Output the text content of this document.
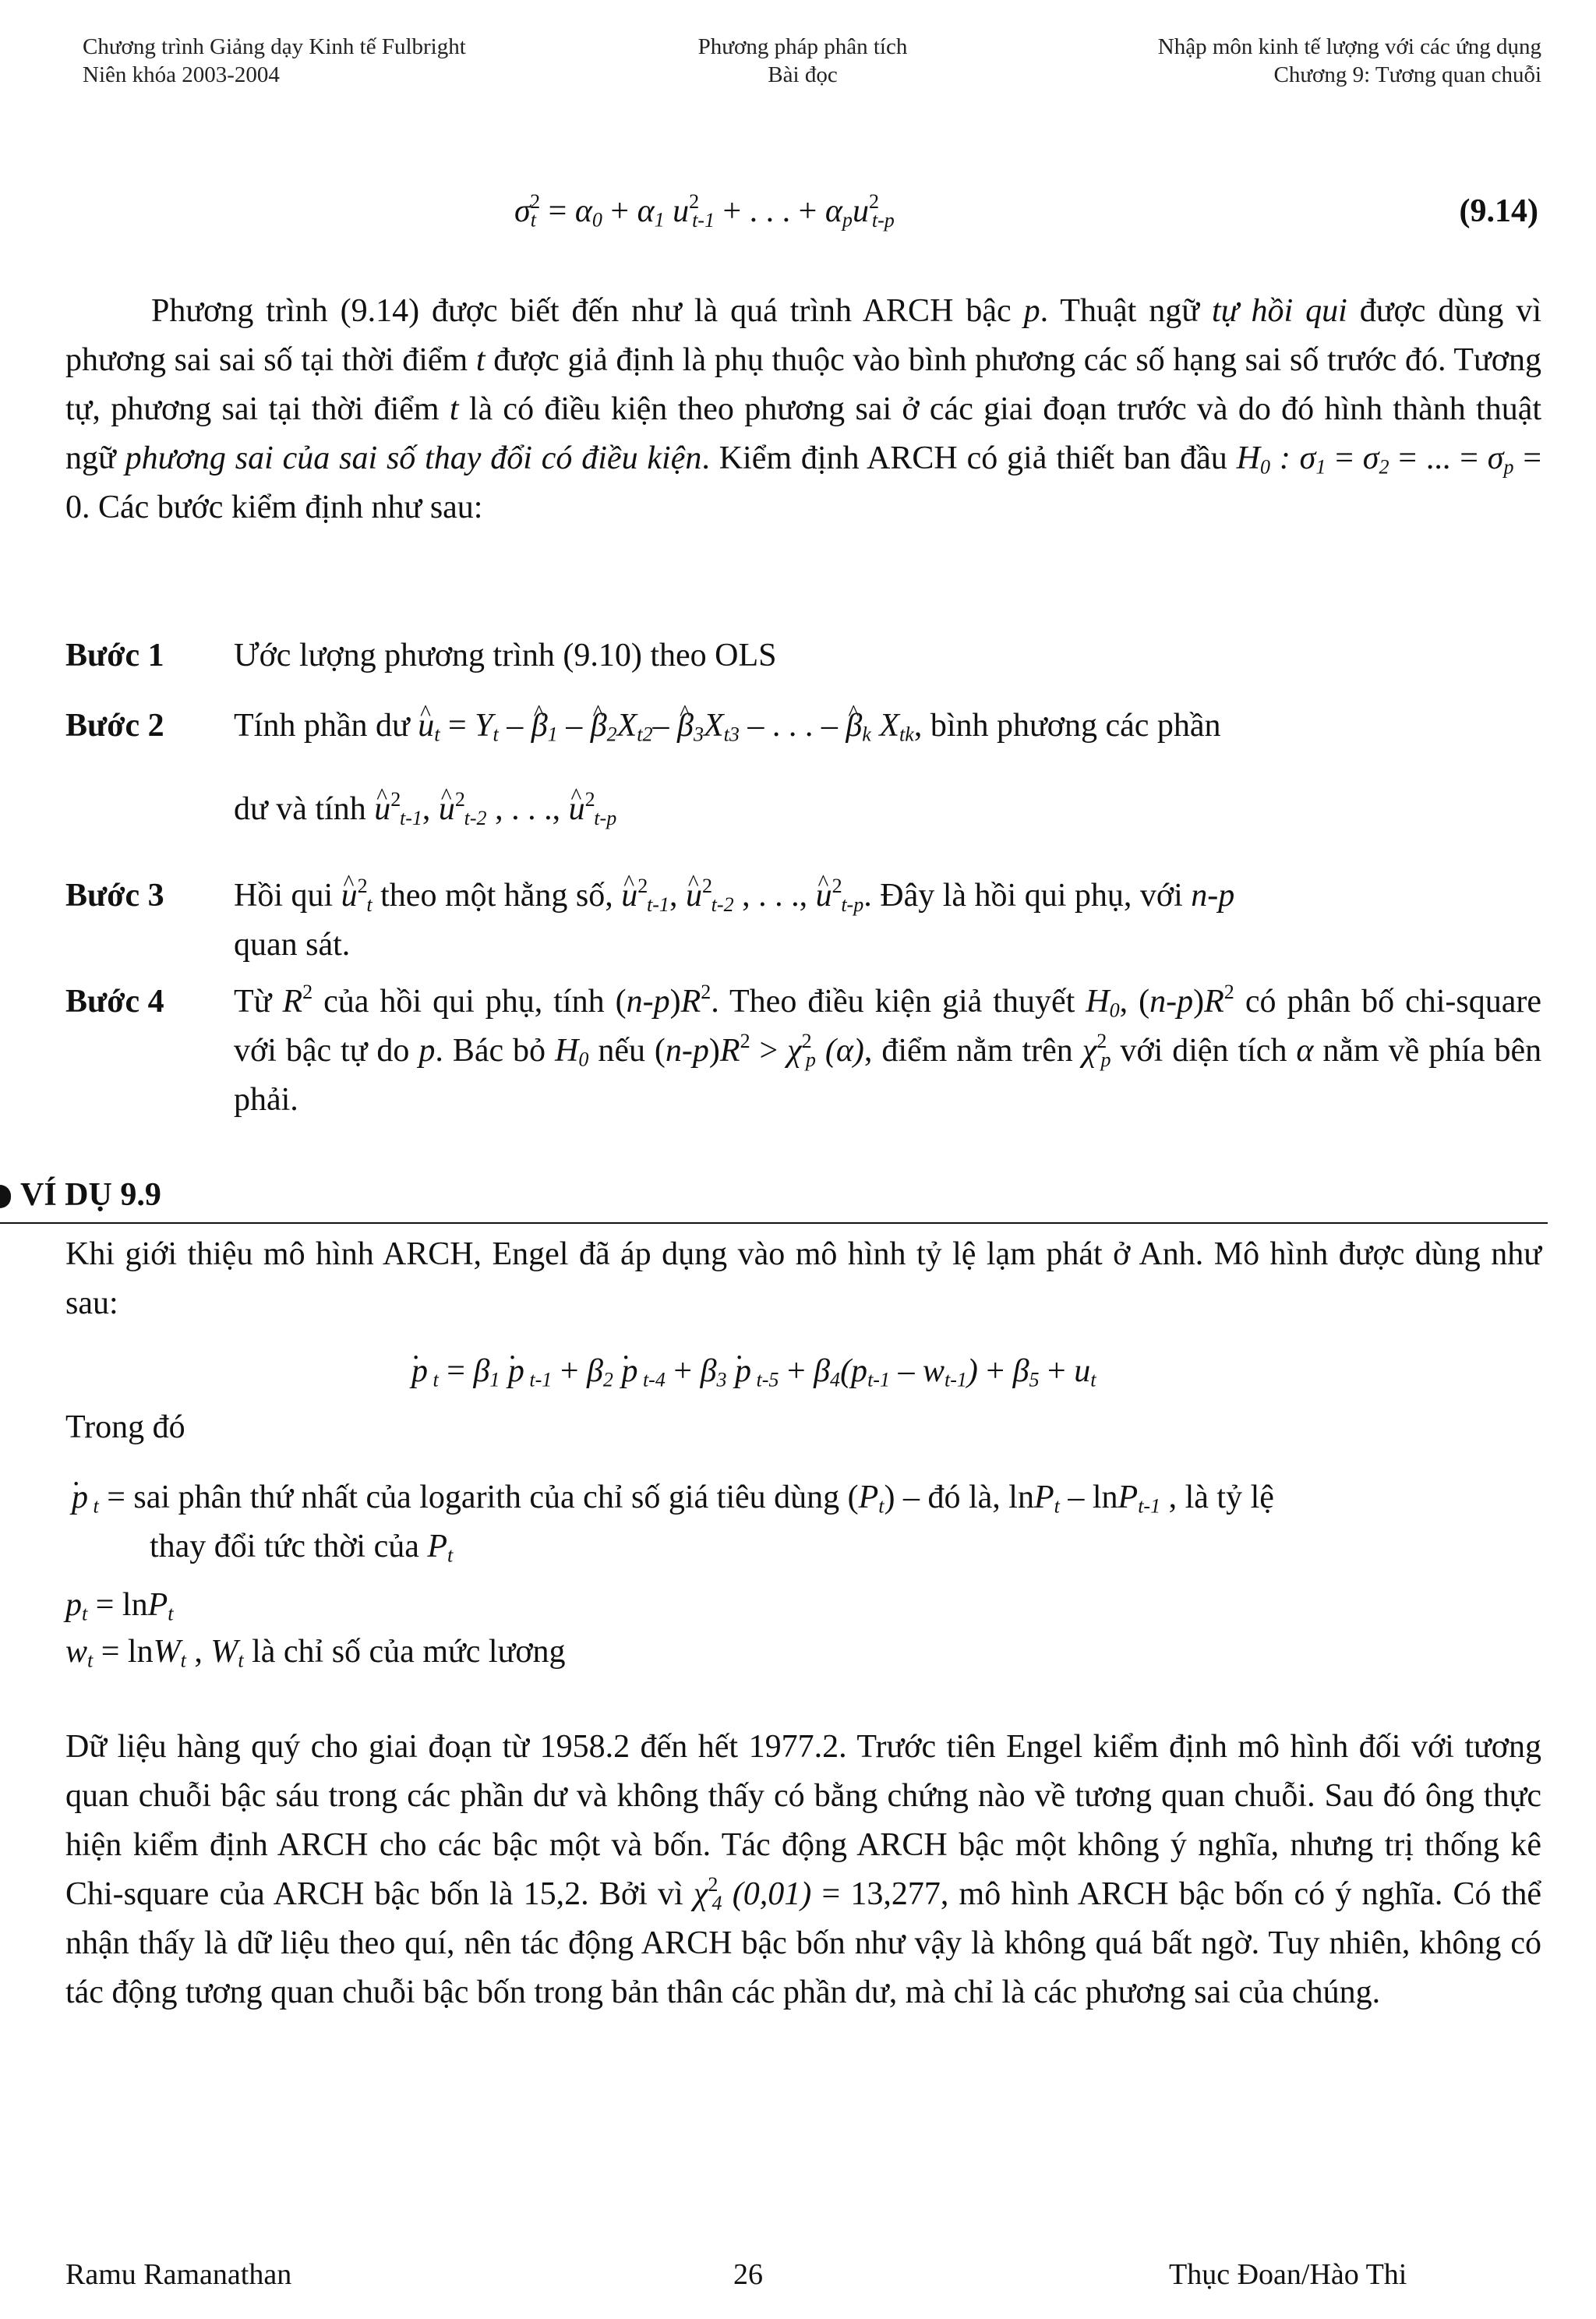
Chương trình Giảng dạy Kinh tế Fulbright
Niên khóa 2003-2004
Phương pháp phân tích
Bài đọc
Nhập môn kinh tế lượng với các ứng dụng
Chương 9: Tương quan chuỗi
$\sigma_t^2 = \alpha_0 + \alpha_1$ $u^2_{t-1}$ + . . . + $\alpha_pu^2_{t-p}$	(9.14)
Phương trình (9.14) được biết đến như là quá trình ARCH bậc p. Thuật ngữ tự hồi qui được dùng vì phương sai sai số tại thời điểm t được giả định là phụ thuộc vào bình phương các số hạng sai số trước đó. Tương tự, phương sai tại thời điểm t là có điều kiện theo phương sai ở các giai đoạn trước và do đó hình thành thuật ngữ phương sai của sai số thay đổi có điều kiện. Kiểm định ARCH có giả thiết ban đầu $H_0$ : $\sigma_1 = \sigma_2$ = ... = $\sigma_p = 0$. Các bước kiểm định như sau:
Bước 1 Ước lượng phương trình (9.10) theo OLS
Bước 2 Tính phần dư ^ $u_t = Y_t$ – ^ $\beta_1$ – ^ $\beta_2X_{t2}-$ ^ $\beta_3X_{t3}$ – . . . – ^ $\beta_k$ $X_{tk}$, bình phương các phần
dư và tính ^ $u^2$ $_{t-1}$, ^ $u^2$ $_{t-2}$ , . . ., ^ $u^2$ $_{t-p}$
Bước 3 Hồi qui ^ $u^2$ $_t$ theo một hằng số, ^ $u^2$ $_{t-1}$, ^ $u^2$ $_{t-2}$ , . . ., ^ $u^2$ $_{t-p}$. Đây là hồi qui phụ, với n-p
quan sát.
Bước 4 Từ $R^2$ của hồi qui phụ, tính $(n-p)R^2$. Theo điều kiện giả thuyết $H_0$, $(n-p)R^2$ có phân bố chi-square với bậc tự do p. Bác bỏ $H_0$ nếu $(n-p)R^2 > \chi^2_p$ (α), điểm nằm trên $\chi^2_p$ với diện tích α nằm về phía bên phải.
VÍ DỤ 9.9
Khi giới thiệu mô hình ARCH, Engel đã áp dụng vào mô hình tỷ lệ lạm phát ở Anh. Mô hình được dùng như sau:
. p $_t = \beta_1$ . p $_{t-1} + \beta_2$ . p $_{t-4} + \beta_3$ . p $_{t-5} + \beta_4(p_{t-1} - w_{t-1}) + \beta_5 + u_t$
Trong đó
. p $_t$ = sai phân thứ nhất của logarith của chỉ số giá tiêu dùng $(P_t)$ – đó là, lnP$_t$ – lnP$_{t-1}$ , là tỷ lệ
thay đổi tức thời của $P_t$
$p_t = \ln P_t$
$w_t = \ln W_t$ , $W_t$ là chỉ số của mức lương
Dữ liệu hàng quý cho giai đoạn từ 1958.2 đến hết 1977.2. Trước tiên Engel kiểm định mô hình đối với tương quan chuỗi bậc sáu trong các phần dư và không thấy có bằng chứng nào về tương quan chuỗi. Sau đó ông thực hiện kiểm định ARCH cho các bậc một và bốn. Tác động ARCH bậc một không ý nghĩa, nhưng trị thống kê Chi-square của ARCH bậc bốn là 15,2. Bởi vì $\chi^2_4$ (0,01) = 13,277, mô hình ARCH bậc bốn có ý nghĩa. Có thể nhận thấy là dữ liệu theo quí, nên tác động ARCH bậc bốn như vậy là không quá bất ngờ. Tuy nhiên, không có tác động tương quan chuỗi bậc bốn trong bản thân các phần dư, mà chỉ là các phương sai của chúng.
Ramu Ramanathan	26	Thục Đoan/Hào Thi
